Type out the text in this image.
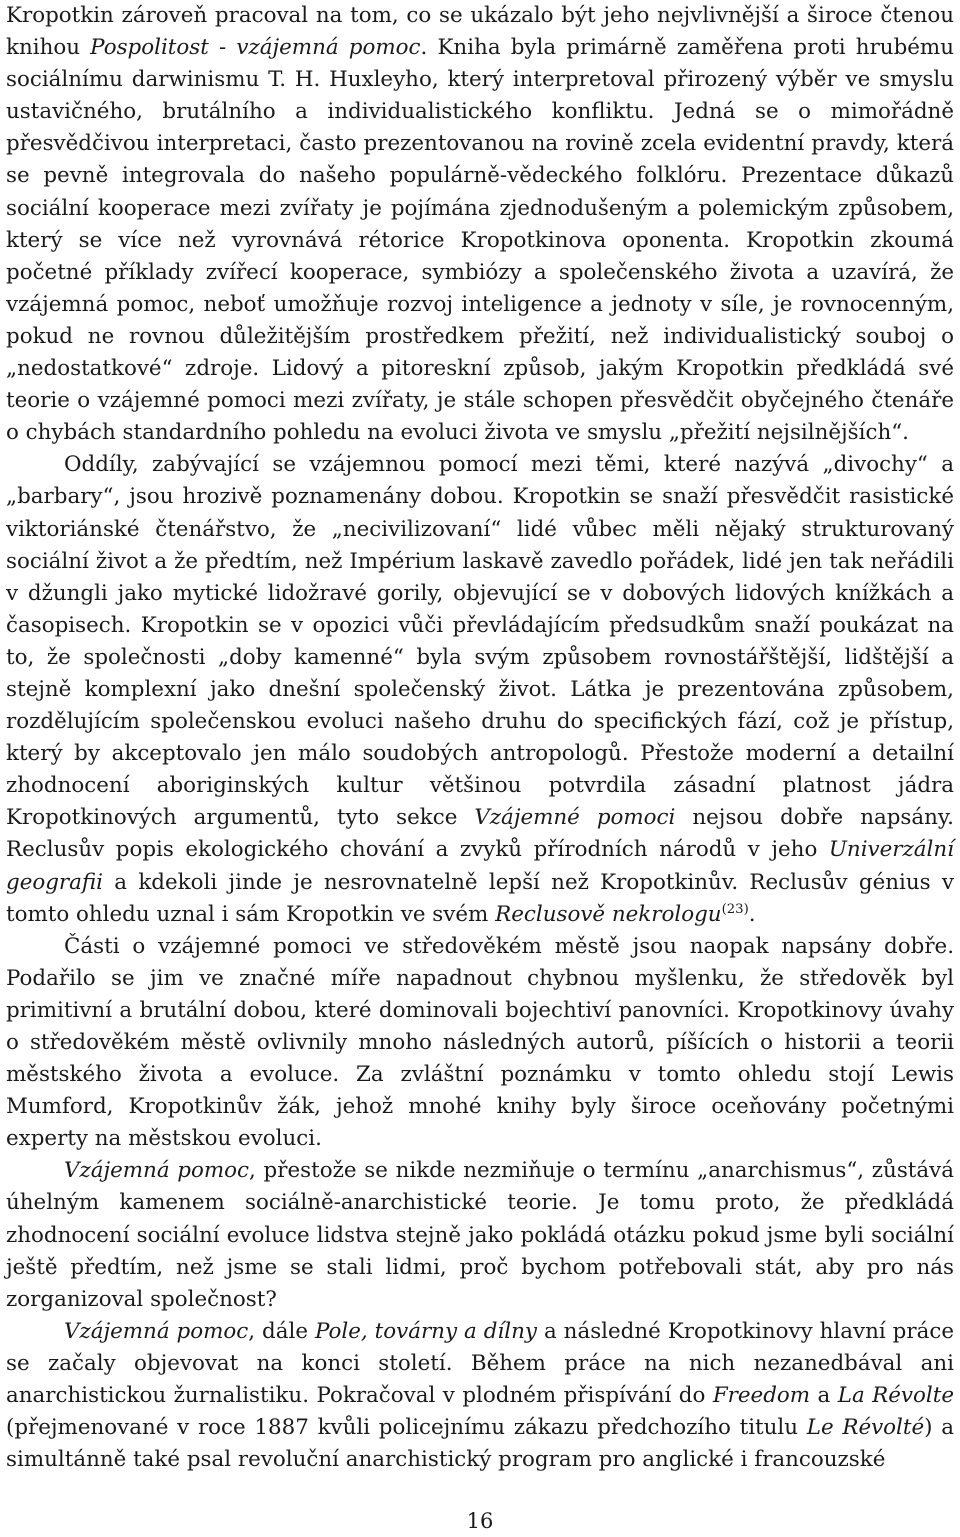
Kropotkin zároveň pracoval na tom, co se ukázalo být jeho nejvlivnější a široce čtenou knihou Pospolitost - vzájemná pomoc. Kniha byla primárně zaměřena proti hrubému sociálnímu darwinismu T. H. Huxleyho, který interpretoval přirozený výběr ve smyslu ustavičného, brutálního a individualistického konfliktu. Jedná se o mimořádně přesvědčivou interpretaci, často prezentovanou na rovině zcela evidentní pravdy, která se pevně integrovala do našeho populárně-vědeckého folklóru. Prezentace důkazů sociální kooperace mezi zvířaty je pojímána zjednodušeným a polemickým způsobem, který se více než vyrovnává rétorice Kropotkinova oponenta. Kropotkin zkoumá početné příklady zvířecí kooperace, symbiózy a společenského života a uzavírá, že vzájemná pomoc, neboť umožňuje rozvoj inteligence a jednoty v síle, je rovnocenným, pokud ne rovnou důležitějším prostředkem přežití, než individualistický souboj o „nedostatkové“ zdroje. Lidový a pitoreskní způsob, jakým Kropotkin předkládá své teorie o vzájemné pomoci mezi zvířaty, je stále schopen přesvědčit obyčejného čtenáře o chybách standardního pohledu na evoluci života ve smyslu „přežití nejsilnějších“.

Oddíly, zabývající se vzájemnou pomocí mezi těmi, které nazývá „divochy“ a „barbary“, jsou hrozivě poznamenány dobou. Kropotkin se snaží přesvědčit rasistické viktoriánské čtenářstvo, že „necivilizovaní“ lidé vůbec měli nějaký strukturovaný sociální život a že předtím, než Impérium laskavě zavedlo pořádek, lidé jen tak neřádili v džungli jako mytické lidožravé gorily, objevující se v dobových lidových knížkách a časopisech. Kropotkin se v opozici vůči převládajícím předsudkům snaží poukázat na to, že společnosti „doby kamenné“ byla svým způsobem rovnostářštější, lidštější a stejně komplexní jako dnešní společenský život. Látka je prezentována způsobem, rozdělujícím společenskou evoluci našeho druhu do specifických fází, což je přístup, který by akceptovalo jen málo soudobých antropologů. Přestože moderní a detailní zhodnocení aboriginských kultur většinou potvrdila zásadní platnost jádra Kropotkinových argumentů, tyto sekce Vzájemné pomoci nejsou dobře napsány. Reclusův popis ekologického chování a zvyků přírodních národů v jeho Univerzální geografii a kdekoli jinde je nesrovnatelně lepší než Kropotkinův. Reclusův génius v tomto ohledu uznal i sám Kropotkin ve svém Reclusově nekrologu$^{(23)}$.

Části o vzájemné pomoci ve středověkém městě jsou naopak napsány dobře. Podařilo se jim ve značné míře napadnout chybnou myšlenku, že středověk byl primitivní a brutální dobou, které dominovali bojechtiví panovníci. Kropotkinovy úvahy o středověkém městě ovlivnily mnoho následných autorů, píšících o historii a teorii městského života a evoluce. Za zvláštní poznámku v tomto ohledu stojí Lewis Mumford, Kropotkinův žák, jehož mnohé knihy byly široce oceňovány početnými experty na městskou evoluci.

Vzájemná pomoc, přestože se nikde nezmiňuje o termínu „anarchismus“, zůstává úhelným kamenem sociálně-anarchistické teorie. Je tomu proto, že předkládá zhodnocení sociální evoluce lidstva stejně jako pokládá otázku pokud jsme byli sociální ještě předtím, než jsme se stali lidmi, proč bychom potřebovali stát, aby pro nás zorganizoval společnost?

Vzájemná pomoc, dále Pole, továrny a dílny a následné Kropotkinovy hlavní práce se začaly objevovat na konci století. Během práce na nich nezanedbával ani anarchistickou žurnalistiku. Pokračoval v plodném přispívání do Freedom a La Révolte (přejmenované v roce 1887 kvůli policejnímu zákazu předchozího titulu Le Révolté) a simultánně také psal revoluční anarchistický program pro anglické i francouzské

16
